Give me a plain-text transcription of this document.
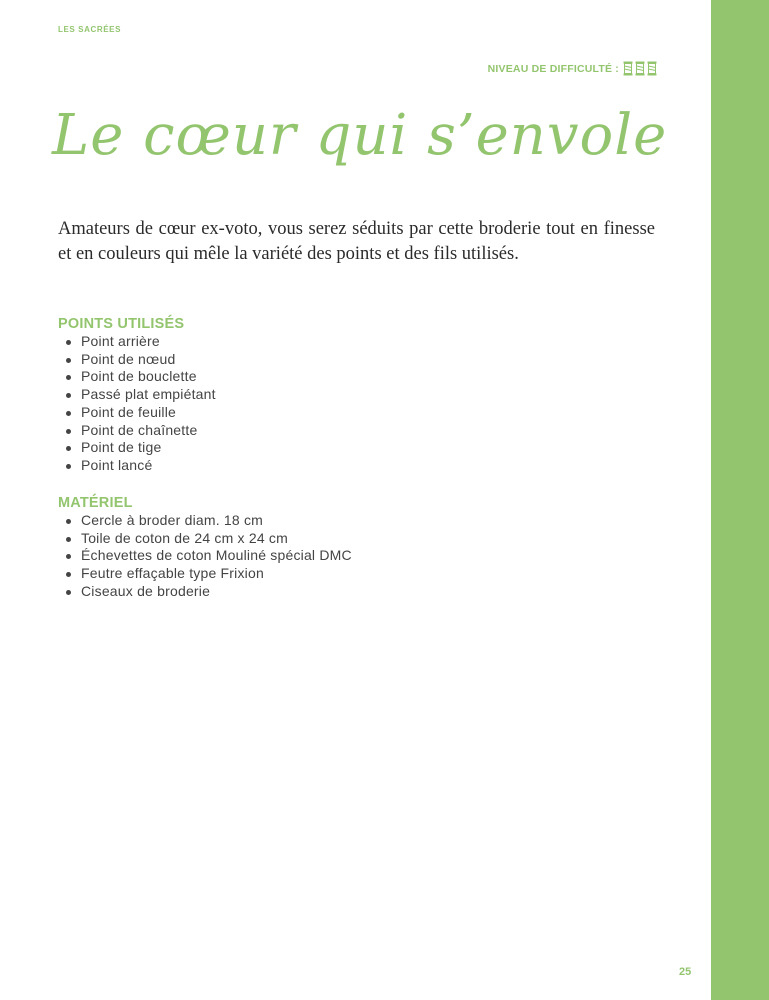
LES SACRÉES
NIVEAU DE DIFFICULTÉ :
Le cœur qui s’envole

Amateurs de cœur ex-voto, vous serez séduits par cette broderie tout en finesse et en couleurs qui mêle la variété des points et des fils utilisés.

POINTS UTILISÉS
Point arrière
Point de nœud
Point de bouclette
Passé plat empiétant
Point de feuille
Point de chaînette
Point de tige
Point lancé
MATÉRIEL
Cercle à broder diam. 18 cm
Toile de coton de 24 cm x 24 cm
Échevettes de coton Mouliné spécial DMC
Feutre effaçable type Frixion
Ciseaux de broderie
25
